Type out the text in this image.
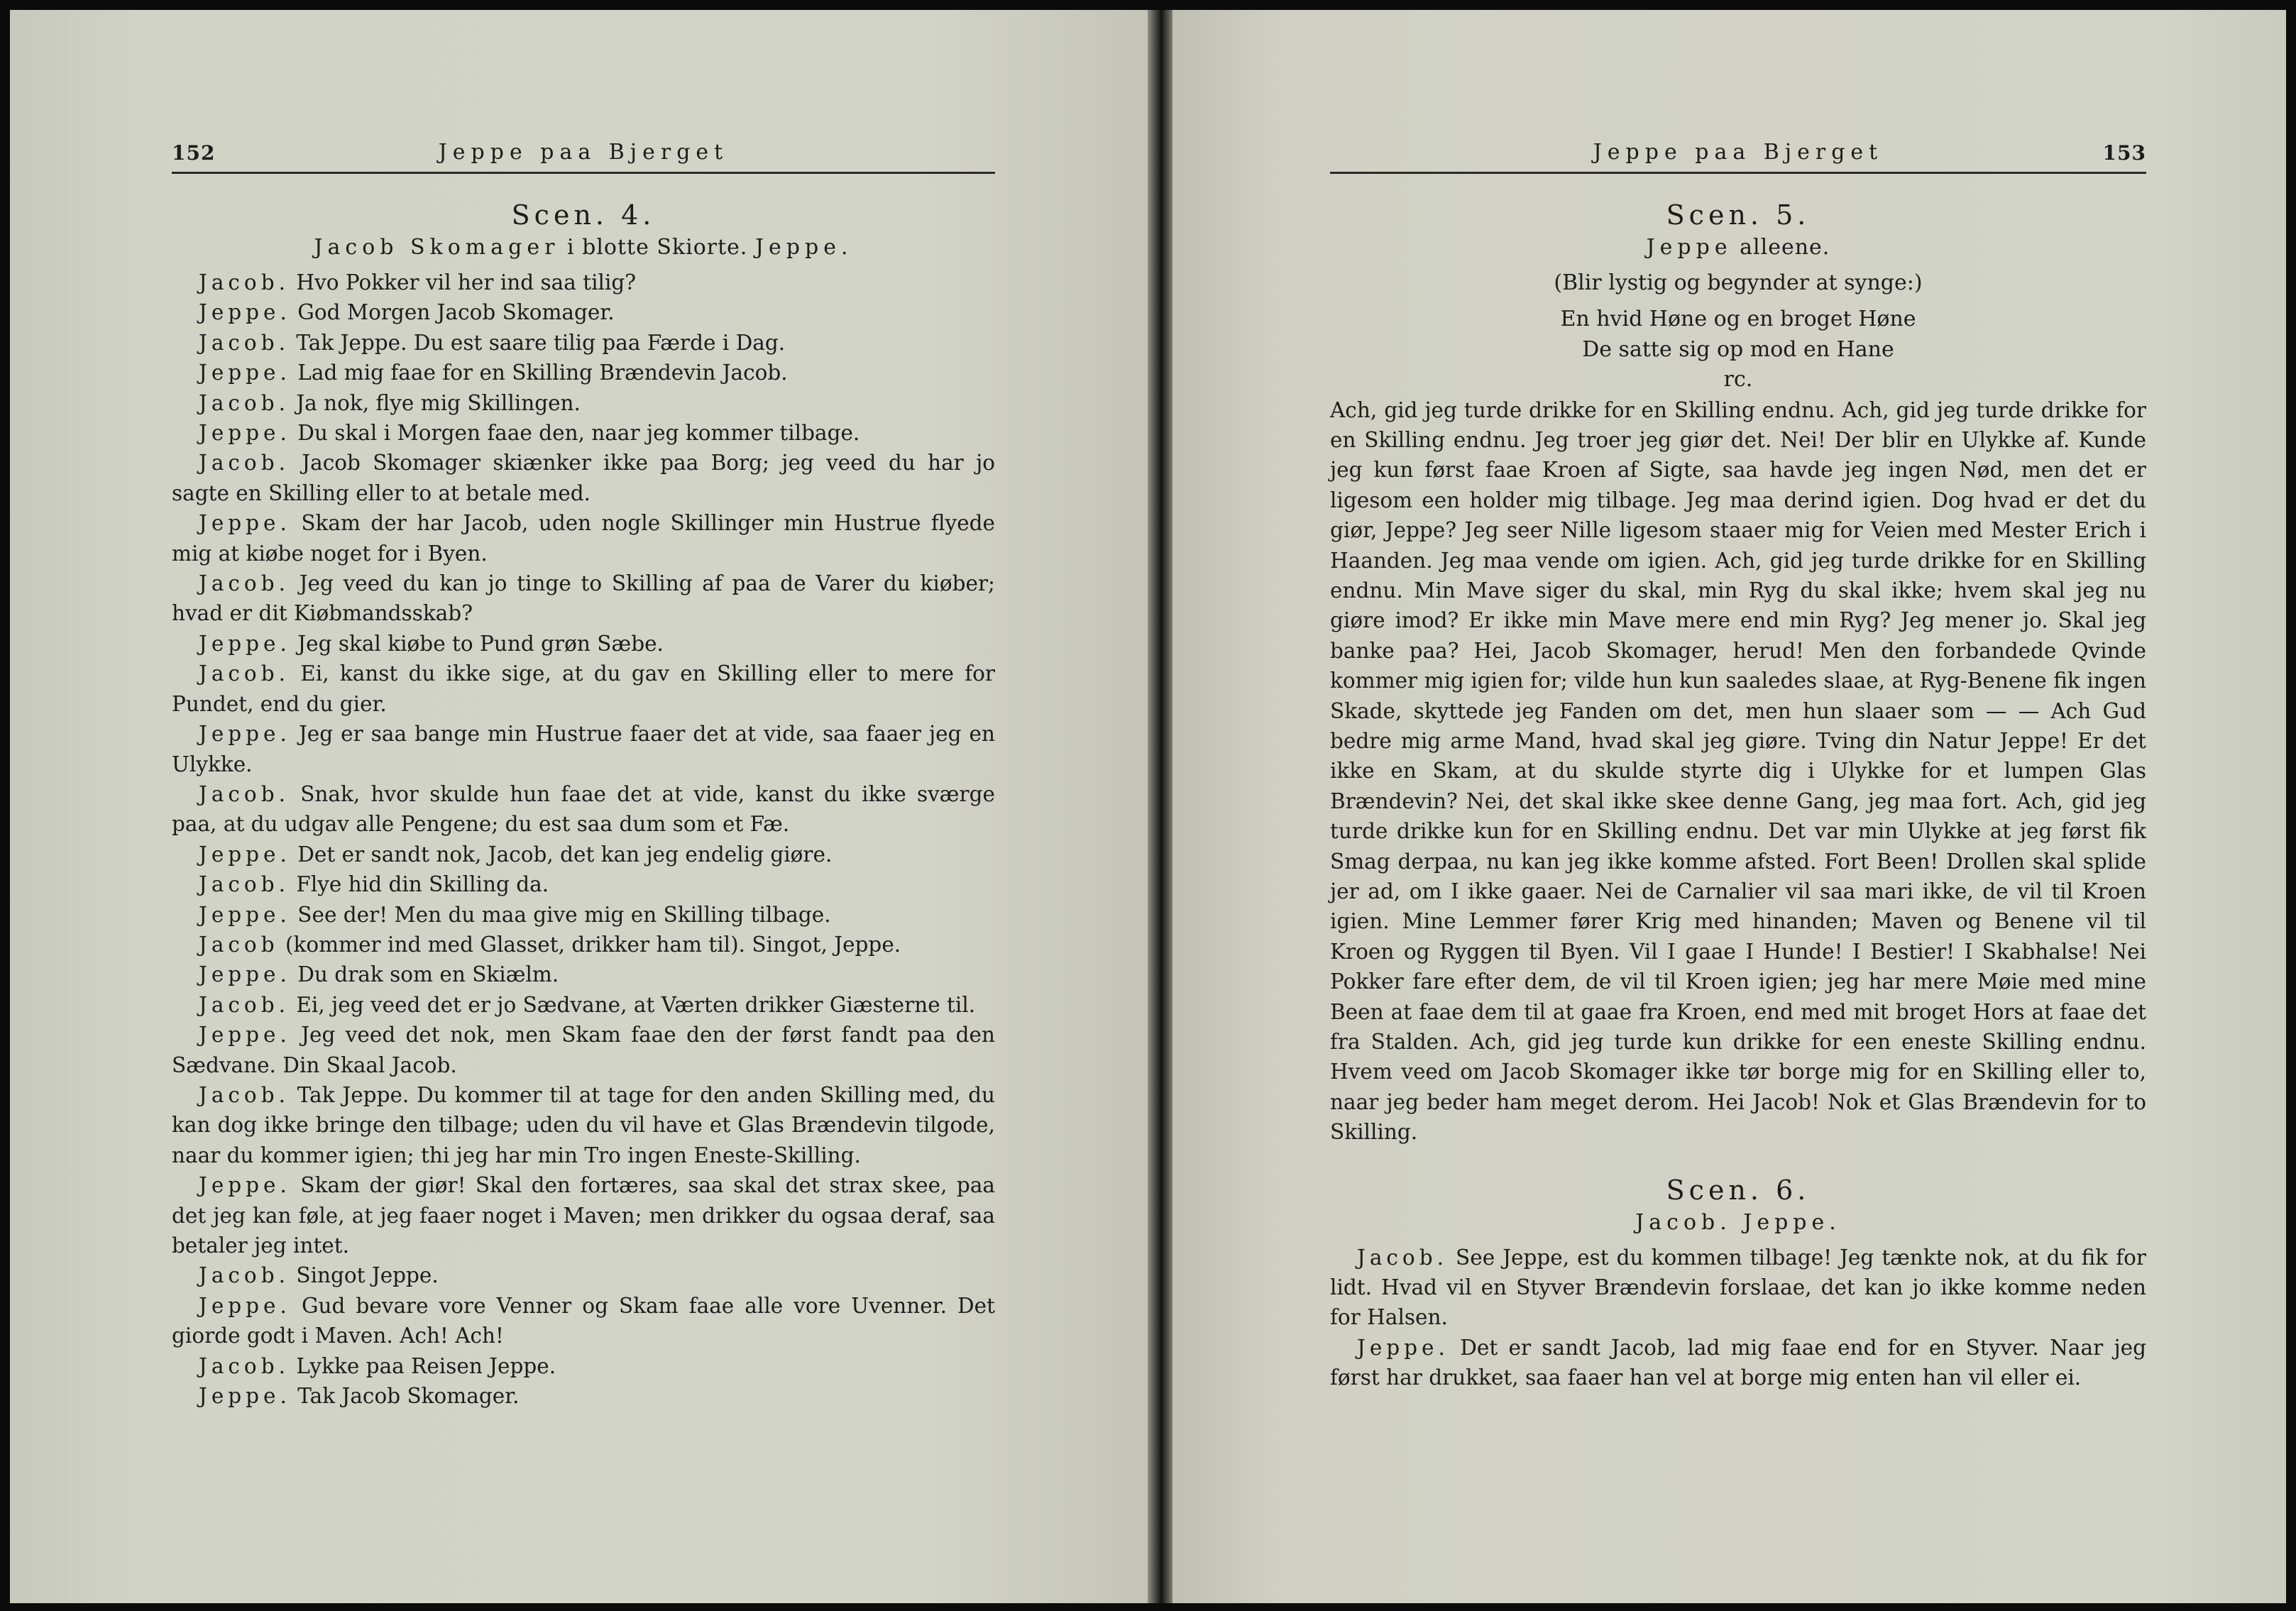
152	Jeppe paa Bjerget
Scen. 4.
Jacob Skomager i blotte Skiorte. Jeppe.
Jacob. Hvo Pokker vil her ind saa tilig?
Jeppe. God Morgen Jacob Skomager.
Jacob. Tak Jeppe. Du est saare tilig paa Færde i Dag.
Jeppe. Lad mig faae for en Skilling Brændevin Jacob.
Jacob. Ja nok, flye mig Skillingen.
Jeppe. Du skal i Morgen faae den, naar jeg kommer tilbage.
Jacob. Jacob Skomager skiænker ikke paa Borg; jeg veed du har jo sagte en Skilling eller to at betale med.
Jeppe. Skam der har Jacob, uden nogle Skillinger min Hustrue flyede mig at kiøbe noget for i Byen.
Jacob. Jeg veed du kan jo tinge to Skilling af paa de Varer du kiøber; hvad er dit Kiøbmandsskab?
Jeppe. Jeg skal kiøbe to Pund grøn Sæbe.
Jacob. Ei, kanst du ikke sige, at du gav en Skilling eller to mere for Pundet, end du gier.
Jeppe. Jeg er saa bange min Hustrue faaer det at vide, saa faaer jeg en Ulykke.
Jacob. Snak, hvor skulde hun faae det at vide, kanst du ikke sværge paa, at du udgav alle Pengene; du est saa dum som et Fæ.
Jeppe. Det er sandt nok, Jacob, det kan jeg endelig giøre.
Jacob. Flye hid din Skilling da.
Jeppe. See der! Men du maa give mig en Skilling tilbage.
Jacob (kommer ind med Glasset, drikker ham til). Singot, Jeppe.
Jeppe. Du drak som en Skiælm.
Jacob. Ei, jeg veed det er jo Sædvane, at Værten drikker Giæsterne til.
Jeppe. Jeg veed det nok, men Skam faae den der først fandt paa den Sædvane. Din Skaal Jacob.
Jacob. Tak Jeppe. Du kommer til at tage for den anden Skilling med, du kan dog ikke bringe den tilbage; uden du vil have et Glas Brændevin tilgode, naar du kommer igien; thi jeg har min Tro ingen Eneste-Skilling.
Jeppe. Skam der giør! Skal den fortæres, saa skal det strax skee, paa det jeg kan føle, at jeg faaer noget i Maven; men drikker du ogsaa deraf, saa betaler jeg intet.
Jacob. Singot Jeppe.
Jeppe. Gud bevare vore Venner og Skam faae alle vore Uvenner. Det giorde godt i Maven. Ach! Ach!
Jacob. Lykke paa Reisen Jeppe.
Jeppe. Tak Jacob Skomager.
Jeppe paa Bjerget	153
Scen. 5.
Jeppe alleene.
(Blir lystig og begynder at synge:)
En hvid Høne og en broget Høne
De satte sig op mod en Hane
rc.
Ach, gid jeg turde drikke for en Skilling endnu. Ach, gid jeg turde drikke for en Skilling endnu. Jeg troer jeg giør det. Nei! Der blir en Ulykke af. Kunde jeg kun først faae Kroen af Sigte, saa havde jeg ingen Nød, men det er ligesom een holder mig tilbage. Jeg maa derind igien. Dog hvad er det du giør, Jeppe? Jeg seer Nille ligesom staaer mig for Veien med Mester Erich i Haanden. Jeg maa vende om igien. Ach, gid jeg turde drikke for en Skilling endnu. Min Mave siger du skal, min Ryg du skal ikke; hvem skal jeg nu giøre imod? Er ikke min Mave mere end min Ryg? Jeg mener jo. Skal jeg banke paa? Hei, Jacob Skomager, herud! Men den forbandede Qvinde kommer mig igien for; vilde hun kun saaledes slaae, at Ryg-Benene fik ingen Skade, skyttede jeg Fanden om det, men hun slaaer som — — Ach Gud bedre mig arme Mand, hvad skal jeg giøre. Tving din Natur Jeppe! Er det ikke en Skam, at du skulde styrte dig i Ulykke for et lumpen Glas Brændevin? Nei, det skal ikke skee denne Gang, jeg maa fort. Ach, gid jeg turde drikke kun for en Skilling endnu. Det var min Ulykke at jeg først fik Smag derpaa, nu kan jeg ikke komme afsted. Fort Been! Drollen skal splide jer ad, om I ikke gaaer. Nei de Carnalier vil saa mari ikke, de vil til Kroen igien. Mine Lemmer fører Krig med hinanden; Maven og Benene vil til Kroen og Ryggen til Byen. Vil I gaae I Hunde! I Bestier! I Skabhalse! Nei Pokker fare efter dem, de vil til Kroen igien; jeg har mere Møie med mine Been at faae dem til at gaae fra Kroen, end med mit broget Hors at faae det fra Stalden. Ach, gid jeg turde kun drikke for een eneste Skilling endnu. Hvem veed om Jacob Skomager ikke tør borge mig for en Skilling eller to, naar jeg beder ham meget derom. Hei Jacob! Nok et Glas Brændevin for to Skilling.
Scen. 6.
Jacob. Jeppe.
Jacob. See Jeppe, est du kommen tilbage! Jeg tænkte nok, at du fik for lidt. Hvad vil en Styver Brændevin forslaae, det kan jo ikke komme neden for Halsen.
Jeppe. Det er sandt Jacob, lad mig faae end for en Styver. Naar jeg først har drukket, saa faaer han vel at borge mig enten han vil eller ei.
